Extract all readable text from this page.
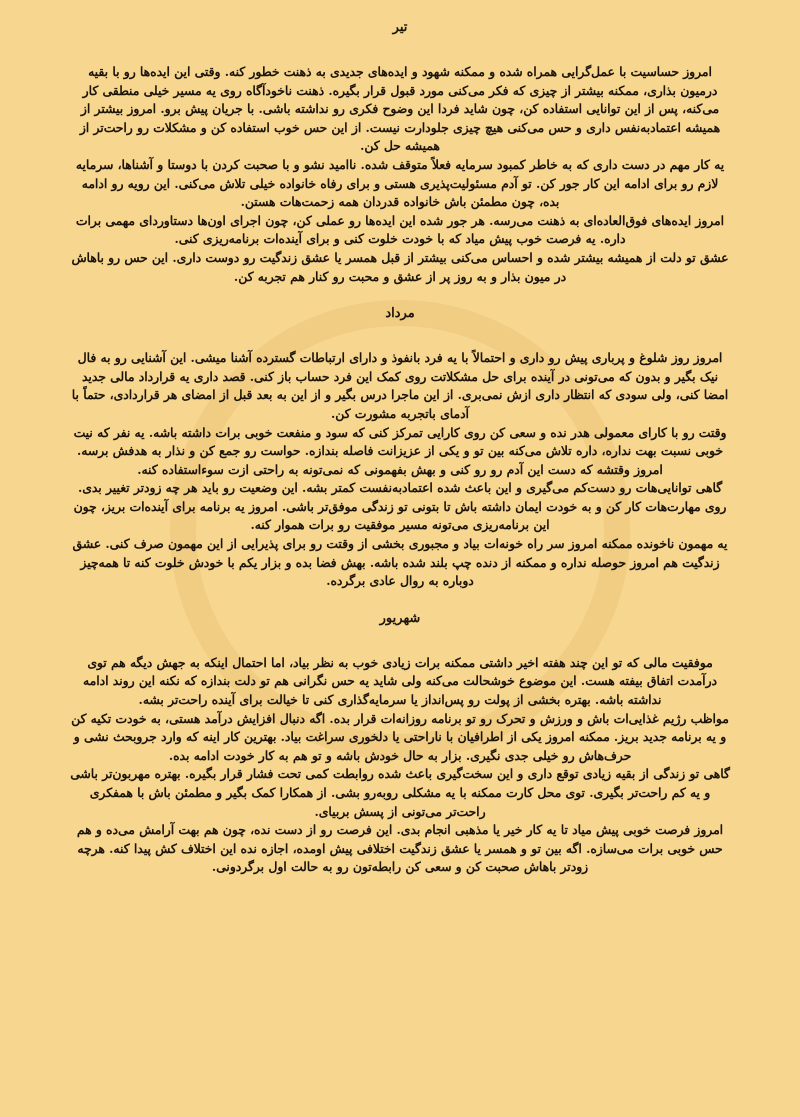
تیر

امروز حساسیت با عمل‌گرایی همراه شده و ممکنه شهود و ایده‌های جدیدی به ذهنت خطور کنه. وقتی این ایده‌ها رو با بقیه درمیون بذاری، ممکنه بیشتر از چیزی که فکر می‌کنی مورد قبول قرار بگیره. ذهنت ناخودآگاه روی یه مسیر خیلی منطقی کار می‌کنه، پس از این توانایی استفاده کن، چون شاید فردا این وضوح فکری رو نداشته باشی. با جریان پیش برو. امروز بیشتر از همیشه اعتمادبه‌نفس داری و حس می‌کنی هیچ چیزی جلودارت نیست. از این حس خوب استفاده کن و مشکلات رو راحت‌تر از همیشه حل کن.

یه کار مهم در دست داری که به خاطر کمبود سرمایه فعلاً متوقف شده. ناامید نشو و با صحبت کردن با دوستا و آشناها، سرمایه لازم رو برای ادامه این کار جور کن. تو آدم مسئولیت‌پذیری هستی و برای رفاه خانواده خیلی تلاش می‌کنی. این رویه رو ادامه بده، چون مطمئن باش خانواده قدردان همه زحمت‌هات هستن.

امروز ایده‌های فوق‌العاده‌ای به ذهنت می‌رسه. هر جور شده این ایده‌ها رو عملی کن، چون اجرای اون‌ها دستاوردای مهمی برات داره. یه فرصت خوب پیش میاد که با خودت خلوت کنی و برای آینده‌ات برنامه‌ریزی کنی.

عشق تو دلت از همیشه بیشتر شده و احساس می‌کنی بیشتر از قبل همسر یا عشق زندگیت رو دوست داری. این حس رو باهاش در میون بذار و به روز پر از عشق و محبت رو کنار هم تجربه کن.

مرداد

امروز روز شلوغ و پرباری پیش رو داری و احتمالاً با یه فرد بانفوذ و دارای ارتباطات گسترده آشنا میشی. این آشنایی رو به فال نیک بگیر و بدون که می‌تونی در آینده برای حل مشکلاتت روی کمک این فرد حساب باز کنی. قصد داری یه قرارداد مالی جدید امضا کنی، ولی سودی که انتظار داری ازش نمی‌بری. از این ماجرا درس بگیر و از این به بعد قبل از امضای هر قراردادی، حتماً با آدمای باتجربه مشورت کن.

وقتت رو با کارای معمولی هدر نده و سعی کن روی کارایی تمرکز کنی که سود و منفعت خوبی برات داشته باشه. یه نفر که نیت خوبی نسبت بهت نداره، داره تلاش می‌کنه بین تو و یکی از عزیزانت فاصله بندازه. حواست رو جمع کن و نذار به هدفش برسه. امروز وقتشه که دست این آدم رو رو کنی و بهش بفهمونی که نمی‌تونه به راحتی ازت سوءاستفاده کنه.

گاهی توانایی‌هات رو دست‌کم می‌گیری و این باعث شده اعتمادبه‌نفست کمتر بشه. این وضعیت رو باید هر چه زودتر تغییر بدی. روی مهارت‌هات کار کن و به خودت ایمان داشته باش تا بتونی تو زندگی موفق‌تر باشی. امروز یه برنامه برای آینده‌ات بریز، چون این برنامه‌ریزی می‌تونه مسیر موفقیت رو برات هموار کنه.

یه مهمون ناخونده ممکنه امروز سر راه خونه‌ات بیاد و مجبوری بخشی از وقتت رو برای پذیرایی از این مهمون صرف کنی. عشق زندگیت هم امروز حوصله نداره و ممکنه از دنده چپ بلند شده باشه. بهش فضا بده و بزار یکم با خودش خلوت کنه تا همه‌چیز دوباره به روال عادی برگرده.

شهریور

موفقیت مالی که تو این چند هفته اخیر داشتی ممکنه برات زیادی خوب به نظر بیاد، اما احتمال اینکه به جهش دیگه هم توی درآمدت اتفاق بیفته هست. این موضوع خوشحالت می‌کنه ولی شاید یه حس نگرانی هم تو دلت بندازه که نکنه این روند ادامه نداشته باشه. بهتره بخشی از پولت رو پس‌انداز یا سرمایه‌گذاری کنی تا خیالت برای آینده راحت‌تر بشه.

مواظب رژیم غذایی‌ات باش و ورزش و تحرک رو تو برنامه روزانه‌ات قرار بده. اگه دنبال افزایش درآمد هستی، به خودت تکیه کن و یه برنامه جدید بریز. ممکنه امروز یکی از اطرافیان با ناراحتی یا دلخوری سراغت بیاد. بهترین کار اینه که وارد جروبحث نشی و حرف‌هاش رو خیلی جدی نگیری. بزار به حال خودش باشه و تو هم به کار خودت ادامه بده.

گاهی تو زندگی از بقیه زیادی توقع داری و این سخت‌گیری باعث شده روابطت کمی تحت فشار قرار بگیره. بهتره مهربون‌تر باشی و یه کم راحت‌تر بگیری. توی محل کارت ممکنه با یه مشکلی روبه‌رو بشی. از همکارا کمک بگیر و مطمئن باش با همفکری راحت‌تر می‌تونی از پسش بربیای.

امروز فرصت خوبی پیش میاد تا یه کار خیر یا مذهبی انجام بدی. این فرصت رو از دست نده، چون هم بهت آرامش می‌ده و هم حس خوبی برات می‌سازه. اگه بین تو و همسر یا عشق زندگیت اختلافی پیش اومده، اجازه نده این اختلاف کش پیدا کنه. هرچه زودتر باهاش صحبت کن و سعی کن رابطه‌تون رو به حالت اول برگردونی.
